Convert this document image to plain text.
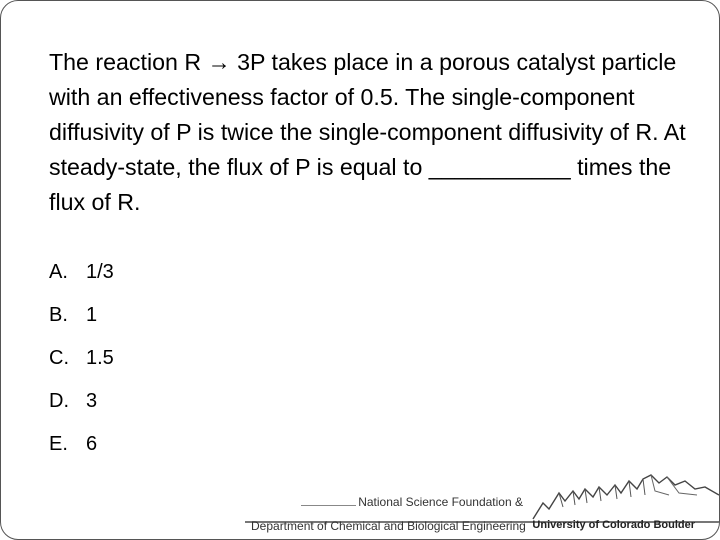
The reaction R → 3P takes place in a porous catalyst particle with an effectiveness factor of 0.5. The single-component diffusivity of P is twice the single-component diffusivity of R. At steady-state, the flux of P is equal to ___________ times the flux of R.

A. 1/3
B. 1
C. 1.5
D. 3
E. 6
National Science Foundation &
Department of Chemical and Biological Engineering University of Colorado Boulder
